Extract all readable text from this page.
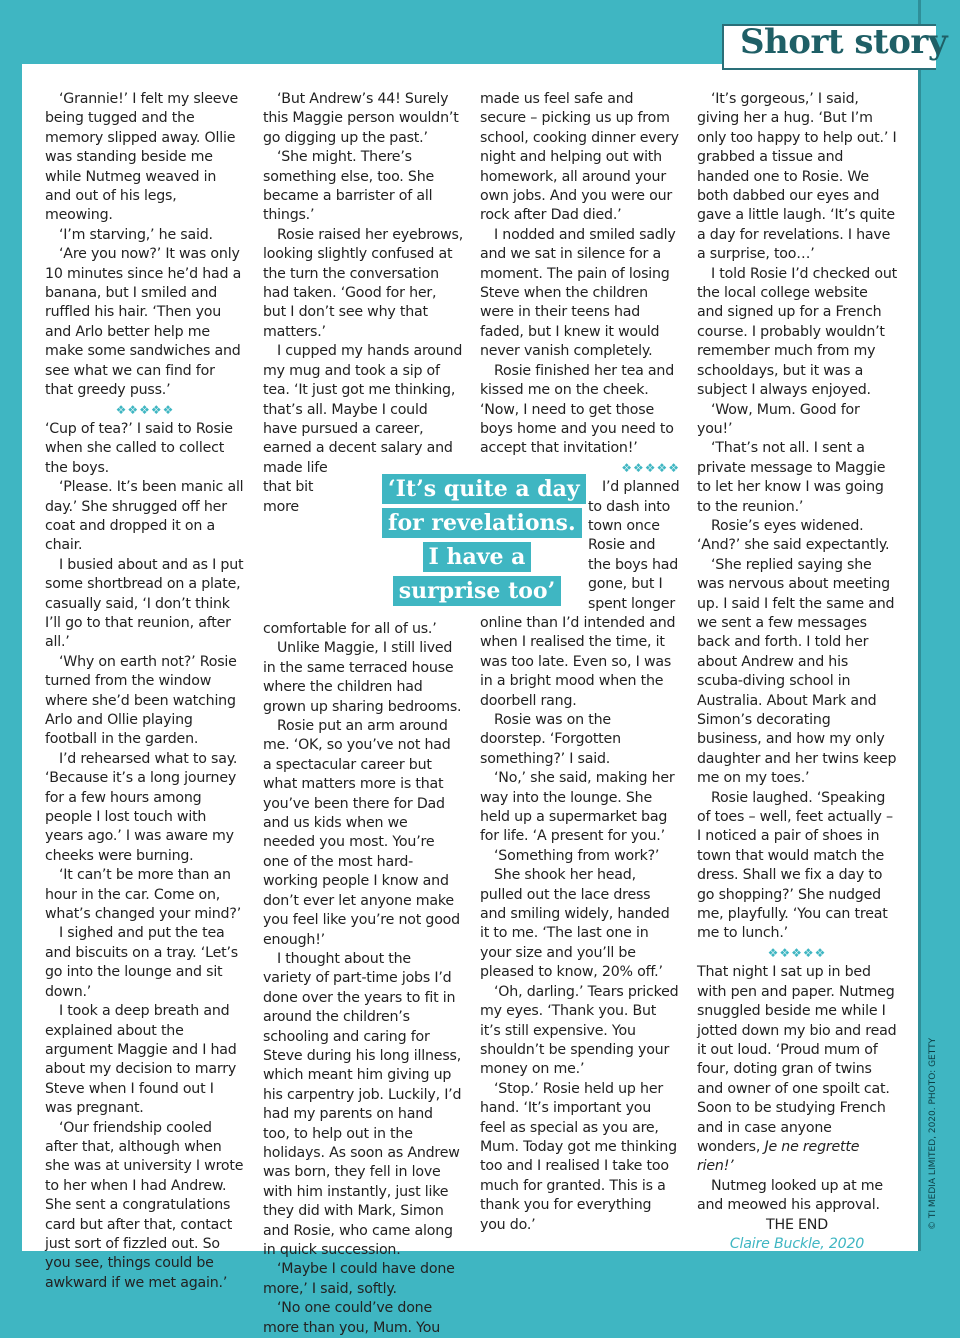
Short story

‘Grannie!’ I felt my sleeve being tugged and the memory slipped away. Ollie was standing beside me while Nutmeg weaved in and out of his legs, meowing.

‘I’m starving,’ he said.

‘Are you now?’ It was only 10 minutes since he’d had a banana, but I smiled and ruffled his hair. ‘Then you and Arlo better help me make some sandwiches and see what we can find for that greedy puss.’

❖❖❖❖❖

‘Cup of tea?’ I said to Rosie when she called to collect the boys.

‘Please. It’s been manic all day.’ She shrugged off her coat and dropped it on a chair.

I busied about and as I put some shortbread on a plate, casually said, ‘I don’t think I’ll go to that reunion, after all.’

‘Why on earth not?’ Rosie turned from the window where she’d been watching Arlo and Ollie playing football in the garden.

I’d rehearsed what to say. ‘Because it’s a long journey for a few hours among people I lost touch with years ago.’ I was aware my cheeks were burning.

‘It can’t be more than an hour in the car. Come on, what’s changed your mind?’

I sighed and put the tea and biscuits on a tray. ‘Let’s go into the lounge and sit down.’

I took a deep breath and explained about the argument Maggie and I had about my decision to marry Steve when I found out I was pregnant.

‘Our friendship cooled after that, although when she was at university I wrote to her when I had Andrew. She sent a congratulations card but after that, contact just sort of fizzled out. So you see, things could be awkward if we met again.’

‘But Andrew’s 44! Surely this Maggie person wouldn’t go digging up the past.’

‘She might. There’s something else, too. She became a barrister of all things.’

Rosie raised her eyebrows, looking slightly confused at the turn the conversation had taken. ‘Good for her, but I don’t see why that matters.’

I cupped my hands around my mug and took a sip of tea. ‘It just got me thinking, that’s all. Maybe I could have pursued a career, earned a decent salary and made life that bit more comfortable for all of us.’

Unlike Maggie, I still lived in the same terraced house where the children had grown up sharing bedrooms.

Rosie put an arm around me. ‘OK, so you’ve not had a spectacular career but what matters more is that you’ve been there for Dad and us kids when we needed you most. You’re one of the most hard-working people I know and don’t ever let anyone make you feel like you’re not good enough!’

I thought about the variety of part-time jobs I’d done over the years to fit in around the children’s schooling and caring for Steve during his long illness, which meant him giving up his carpentry job. Luckily, I’d had my parents on hand too, to help out in the holidays. As soon as Andrew was born, they fell in love with him instantly, just like they did with Mark, Simon and Rosie, who came along in quick succession.

‘Maybe I could have done more,’ I said, softly.

‘No one could’ve done more than you, Mum. You

made us feel safe and secure – picking us up from school, cooking dinner every night and helping out with homework, all around your own jobs. And you were our rock after Dad died.’

I nodded and smiled sadly and we sat in silence for a moment. The pain of losing Steve when the children were in their teens had faded, but I knew it would never vanish completely.

Rosie finished her tea and kissed me on the cheek. ‘Now, I need to get those boys home and you need to accept that invitation!’

❖❖❖❖❖

I’d planned to dash into town once Rosie and the boys had gone, but I spent longer online than I’d intended and when I realised the time, it was too late. Even so, I was in a bright mood when the doorbell rang.

Rosie was on the doorstep. ‘Forgotten something?’ I said.

‘No,’ she said, making her way into the lounge. She held up a supermarket bag for life. ‘A present for you.’

‘Something from work?’

She shook her head, pulled out the lace dress and smiling widely, handed it to me. ‘The last one in your size and you’ll be pleased to know, 20% off.’

‘Oh, darling.’ Tears pricked my eyes. ‘Thank you. But it’s still expensive. You shouldn’t be spending your money on me.’

‘Stop.’ Rosie held up her hand. ‘It’s important you feel as special as you are, Mum. Today got me thinking too and I realised I take too much for granted. This is a thank you for everything you do.’

‘It’s gorgeous,’ I said, giving her a hug. ‘But I’m only too happy to help out.’ I grabbed a tissue and handed one to Rosie. We both dabbed our eyes and gave a little laugh. ‘It’s quite a day for revelations. I have a surprise, too…’

I told Rosie I’d checked out the local college website and signed up for a French course. I probably wouldn’t remember much from my schooldays, but it was a subject I always enjoyed.

‘Wow, Mum. Good for you!’

‘That’s not all. I sent a private message to Maggie to let her know I was going to the reunion.’

Rosie’s eyes widened. ‘And?’ she said expectantly.

‘She replied saying she was nervous about meeting up. I said I felt the same and we sent a few messages back and forth. I told her about Andrew and his scuba-diving school in Australia. About Mark and Simon’s decorating business, and how my only daughter and her twins keep me on my toes.’

Rosie laughed. ‘Speaking of toes – well, feet actually – I noticed a pair of shoes in town that would match the dress. Shall we fix a day to go shopping?’ She nudged me, playfully. ‘You can treat me to lunch.’

❖❖❖❖❖

That night I sat up in bed with pen and paper. Nutmeg snuggled beside me while I jotted down my bio and read it out loud. ‘Proud mum of four, doting gran of twins and owner of one spoilt cat. Soon to be studying French and in case anyone wonders, Je ne regrette rien!’

Nutmeg looked up at me and meowed his approval.

THE END

Claire Buckle, 2020

‘It’s quite a day
for revelations.
I have a
surprise too’
© TI MEDIA LIMITED, 2020. PHOTO: GETTY
